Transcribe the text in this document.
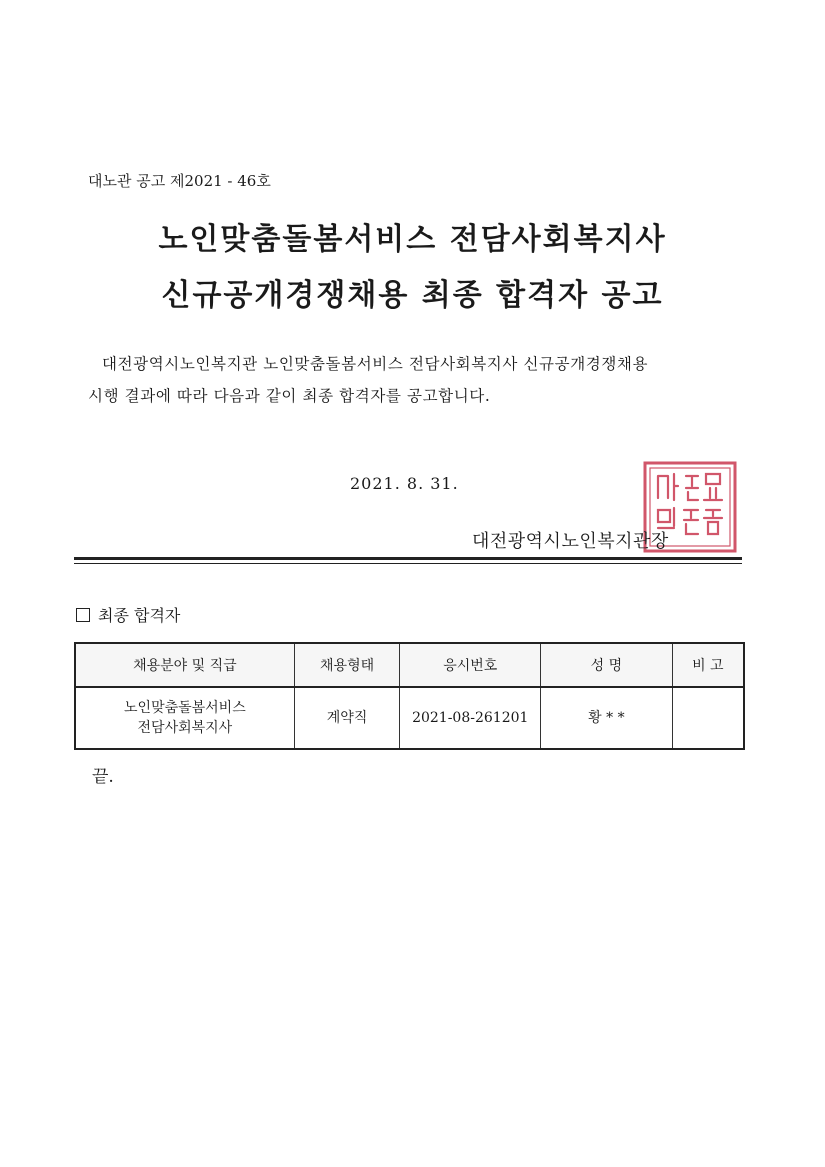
대노관 공고 제2021 - 46호
노인맞춤돌봄서비스 전담사회복지사
신규공개경쟁채용 최종 합격자 공고
대전광역시노인복지관 노인맞춤돌봄서비스 전담사회복지사 신규공개경쟁채용
시행 결과에 따라 다음과 같이 최종 합격자를 공고합니다.
2021. 8. 31.
대전광역시노인복지관장
최종 합격자
채용분야 및 직급	채용형태	응시번호	성 명	비 고

노인맞춤돌봄서비스
전담사회복지사	계약직	2021-08-261201	황 * *	
끝.
